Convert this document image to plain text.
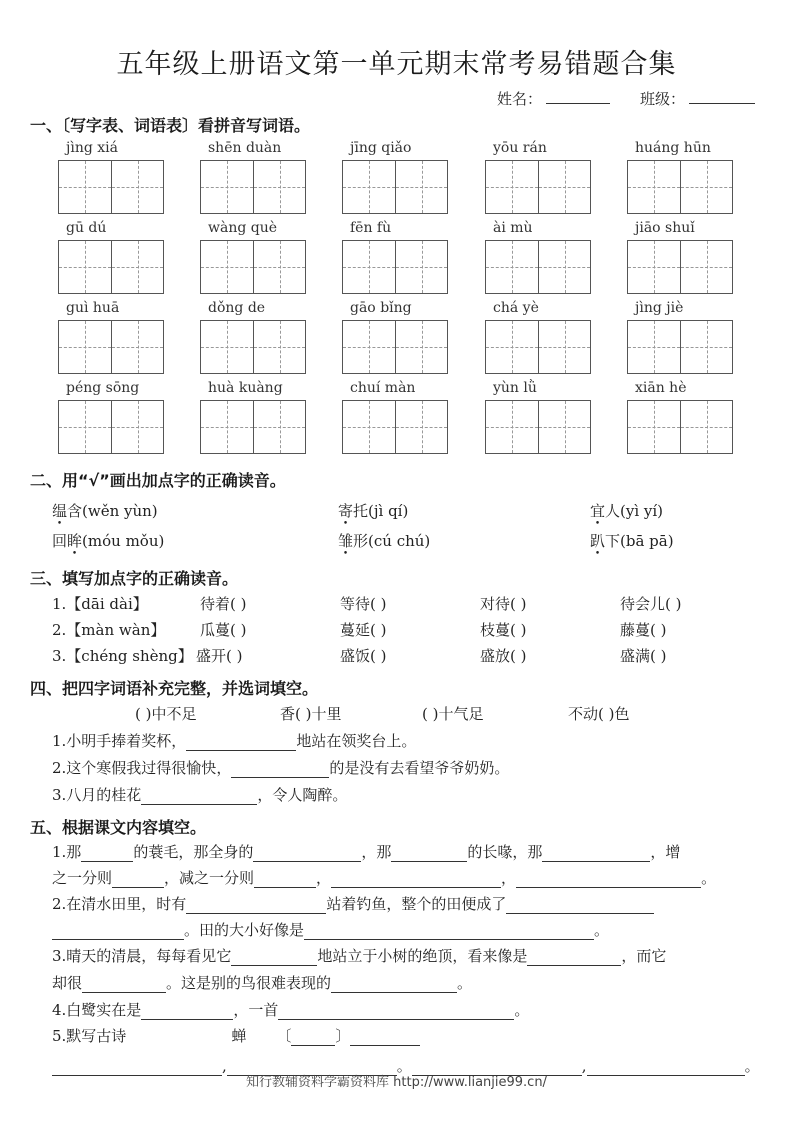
五年级上册语文第一单元期末常考易错题合集
姓名：	班级：
一、〔写字表、词语表〕看拼音写词语。
jìng xiá	shēn duàn	jīng qiǎo	yōu rán	huáng hūn
gū dú	wàng què	fēn fù	ài mù	jiāo shuǐ
guì huā	dǒng de	gāo bǐng	chá yè	jìng jiè
péng sōng	huà kuàng	chuí màn	yùn lǜ	xiān hè
二、用“√”画出加点字的正确读音。
缊含(wěn yùn)	寄托(jì qí)	宜人(yì yí)
回眸(móu mǒu)	雏形(cú chú)	趴下(bā pā)
三、填写加点字的正确读音。
1.【dāi dài】	待着( )	等待( )	对待( )	待会儿( )
2.【màn wàn】 瓜蔓( )	蔓延( )	枝蔓( )	藤蔓( )
3.【chéng shèng】 盛开( )	盛饭( )	盛放( )	盛满( )
四、把四字词语补充完整，并选词填空。
( )中不足	香( )十里	( )十气足	不动( )色
1.小明手捧着奖杯，	地站在领奖台上。
2.这个寒假我过得很愉快，	的是没有去看望爷爷奶奶。
3.八月的桂花	，令人陶醉。
五、根据课文内容填空。
1.那	的蓑毛，那全身的	，那	的长喙，那	，增
之一分则	，减之一分则	，	，	。
2.在清水田里，时有	站着钓鱼，整个的田便成了
。田的大小好像是	。
3.晴天的清晨，每每看见它	地站立于小树的绝顶，看来像是	，而它
却很	。这是别的鸟很难表现的	。
4.白鹭实在是	，一首	。
5.默写古诗	蝉 〔	〕
,	。	,	。
知行教辅资料学霸资料库 http://www.lianjie99.cn/
